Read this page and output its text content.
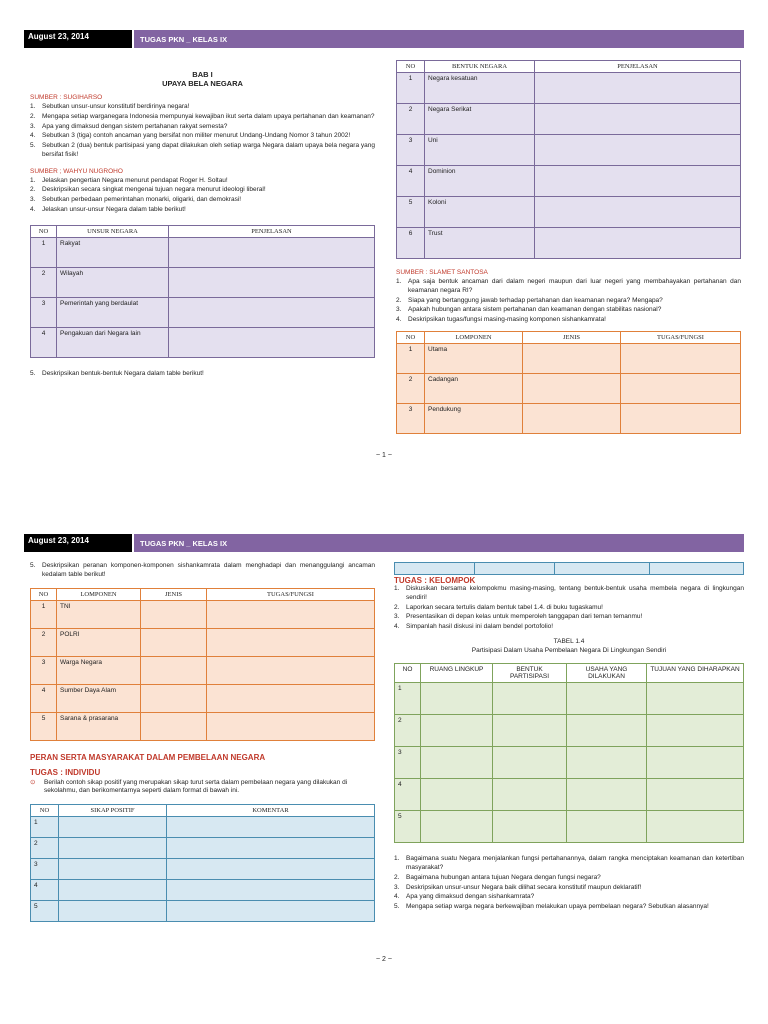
August 23, 2014	TUGAS PKN _ KELAS IX
BAB I
UPAYA BELA NEGARA
SUMBER : SUGIHARSO
1.	Sebutkan unsur-unsur konstitutif berdirinya negara!
2.	Mengapa setiap warganegara Indonesia mempunyai kewajiban ikut serta dalam upaya pertahanan dan keamanan?
3.	Apa yang dimaksud dengan sistem pertahanan rakyat semesta?
4.	Sebutkan 3 (tiga) contoh ancaman yang bersifat non militer menurut Undang-Undang Nomor 3 tahun 2002!
5.	Sebutkan 2 (dua) bentuk partisipasi yang dapat dilakukan oleh setiap warga Negara dalam upaya bela negara yang bersifat fisik!
SUMBER ; WAHYU NUGROHO
1.	Jelaskan pengertian Negara menurut pendapat Roger H. Soltau!
2.	Deskripsikan secara singkat mengenai tujuan negara menurut ideologi liberal!
3.	Sebutkan perbedaan pemerintahan monarki, oligarki, dan demokrasi!
4.	Jelaskan unsur-unsur Negara dalam table berikut!
NO	UNSUR NEGARA	PENJELASAN
1	Rakyat	
2	Wilayah	
3	Pemerintah yang berdaulat	
4	Pengakuan dari Negara lain	
5.	Deskripsikan bentuk-bentuk Negara dalam table berikut!
NO	BENTUK NEGARA	PENJELASAN
1	Negara kesatuan	
2	Negara Serikat	
3	Uni	
4	Dominion	
5	Koloni	
6	Trust	
SUMBER : SLAMET SANTOSA
1.	Apa saja bentuk ancaman dari dalam negeri maupun dari luar negeri yang membahayakan pertahanan dan keamanan negara RI?
2.	Siapa yang bertanggung jawab terhadap pertahanan dan keamanan negara? Mengapa?
3.	Apakah hubungan antara sistem pertahanan dan keamanan dengan stabilitas nasional?
4.	Deskripsikan tugas/fungsi masing-masing komponen sishankamrata!
NO	LOMPONEN	JENIS	TUGAS/FUNGSI
1	Utama		
2	Cadangan		
3	Pendukung		
~ 1 ~
August 23, 2014	TUGAS PKN _ KELAS IX
5.	Deskripsikan peranan komponen-komponen sishankamrata dalam menghadapi dan menanggulangi ancaman kedalam table berikut!
NO	LOMPONEN	JENIS	TUGAS/FUNGSI
1	TNI		
2	POLRI		
3	Warga Negara		
4	Sumber Daya Alam		
5	Sarana & prasarana		
PERAN SERTA MASYARAKAT DALAM PEMBELAAN NEGARA
TUGAS : INDIVIDU
⊙	Berilah contoh sikap positif yang merupakan sikap turut serta dalam pembelaan negara yang dilakukan di sekolahmu, dan berikomentarnya seperti dalam format di bawah ini.
NO	SIKAP POSITIF	KOMENTAR
1		
2		
3		
4		
5		

TUGAS : KELOMPOK
1.	Diskusikan bersama kelompokmu masing-masing, tentang bentuk-bentuk usaha membela negara di lingkungan sendiri!
2.	Laporkan secara tertulis dalam bentuk tabel 1.4. di buku tugaskamu!
3.	Presentasikan di depan kelas untuk memperoleh tanggapan dari teman temanmu!
4.	Simpanlah hasil diskusi ini dalam bendel portofolio!
TABEL 1.4
Partisipasi Dalam Usaha Pembelaan Negara Di Lingkungan Sendiri
NO	RUANG LINGKUP	BENTUK PARTISIPASI	USAHA YANG DILAKUKAN	TUJUAN YANG DIHARAPKAN
1				
2				
3				
4				
5				
1.	Bagaimana suatu Negara menjalankan fungsi pertahanannya, dalam rangka menciptakan keamanan dan ketertiban masyarakat?
2.	Bagaimana hubungan antara tujuan Negara dengan fungsi negara?
3.	Deskripsikan unsur-unsur Negara baik dilihat secara konstitutif maupun deklaratif!
4.	Apa yang dimaksud dengan sishankamrata?
5.	Mengapa setiap warga negara berkewajiban melakukan upaya pembelaan negara? Sebutkan alasannya!
~ 2 ~
